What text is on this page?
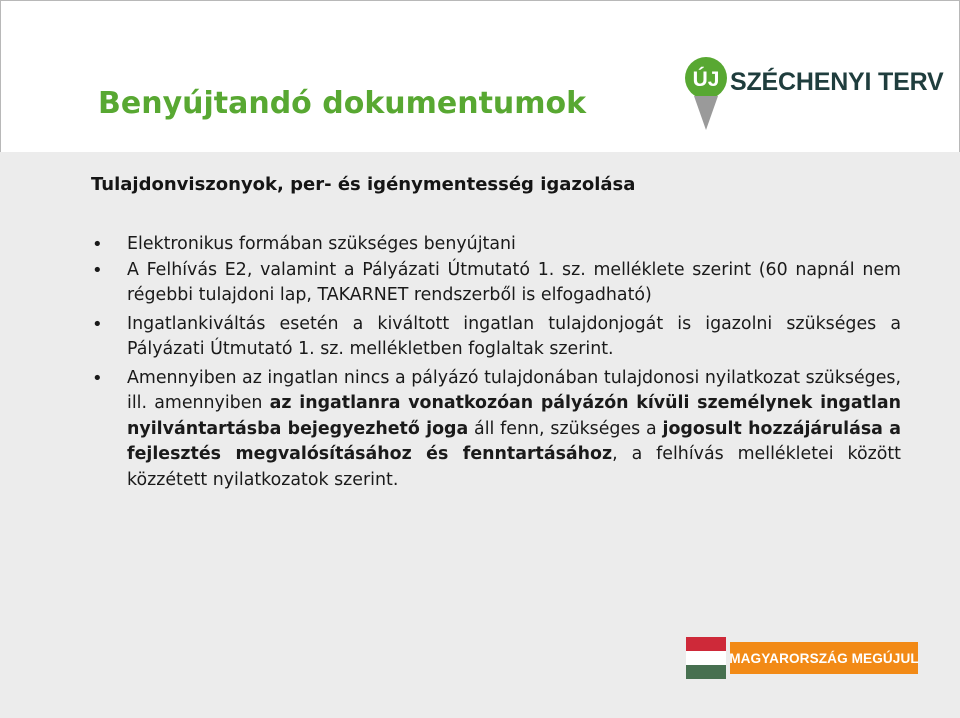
Benyújtandó dokumentumok
ÚJ SZÉCHENYI TERV
Tulajdonviszonyok, per- és igénymentesség igazolása
• Elektronikus formában szükséges benyújtani
• A Felhívás E2, valamint a Pályázati Útmutató 1. sz. melléklete szerint (60 napnál nem régebbi tulajdoni lap, TAKARNET rendszerből is elfogadható)
• Ingatlankiváltás esetén a kiváltott ingatlan tulajdonjogát is igazolni szükséges a Pályázati Útmutató 1. sz. mellékletben foglaltak szerint.
• Amennyiben az ingatlan nincs a pályázó tulajdonában tulajdonosi nyilatkozat szükséges, ill. amennyiben az ingatlanra vonatkozóan pályázón kívüli személynek ingatlan nyilvántartásba bejegyezhető joga áll fenn, szükséges a jogosult hozzájárulása a fejlesztés megvalósításához és fenntartásához, a felhívás mellékletei között közzétett nyilatkozatok szerint.
MAGYARORSZÁG MEGÚJUL
